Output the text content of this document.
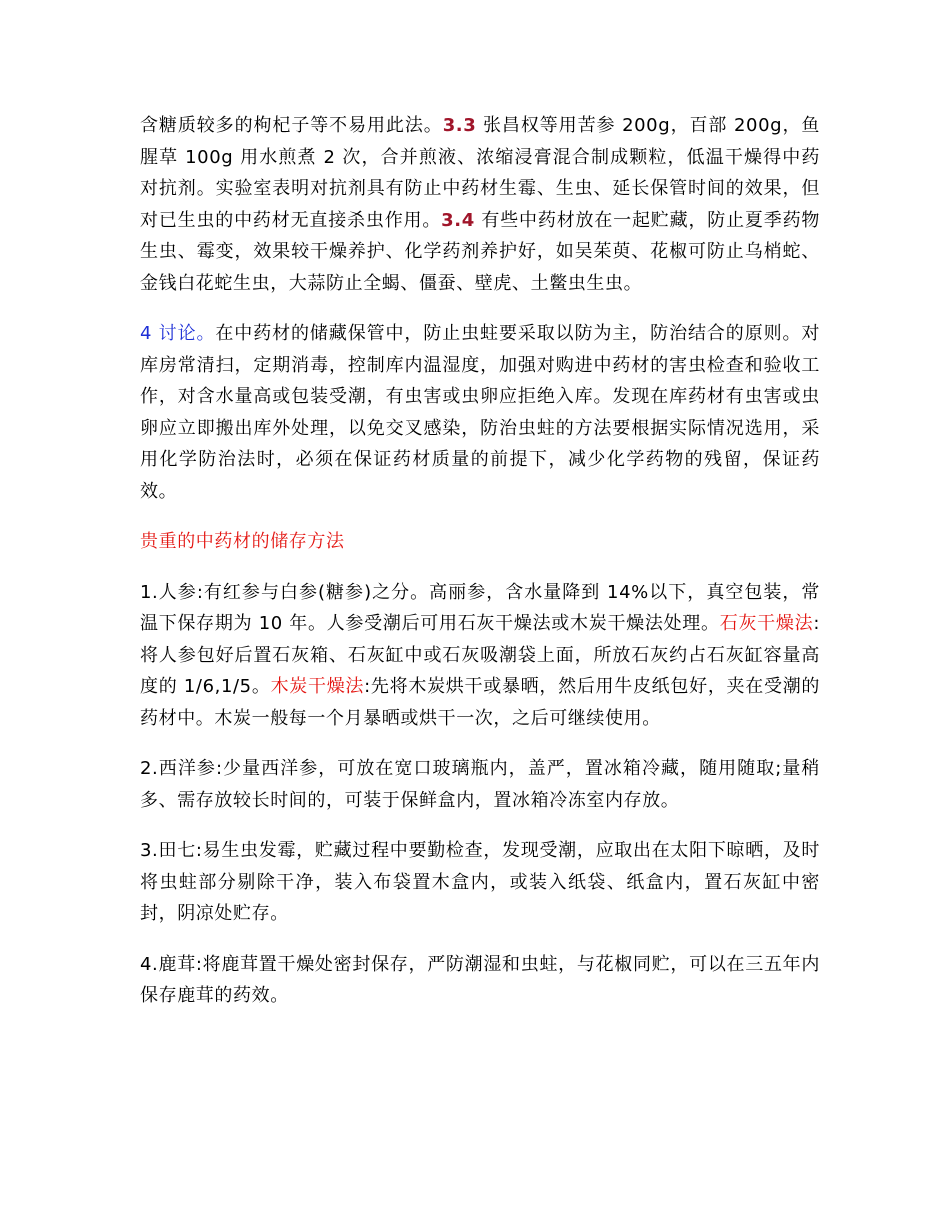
含糖质较多的枸杞子等不易用此法。3.3 张昌权等用苦参 200g，百部 200g，鱼腥草 100g 用水煎煮 2 次，合并煎液、浓缩浸膏混合制成颗粒，低温干燥得中药对抗剂。实验室表明对抗剂具有防止中药材生霉、生虫、延长保管时间的效果，但对已生虫的中药材无直接杀虫作用。3.4 有些中药材放在一起贮藏，防止夏季药物生虫、霉变，效果较干燥养护、化学药剂养护好，如吴茱萸、花椒可防止乌梢蛇、金钱白花蛇生虫，大蒜防止全蝎、僵蚕、壁虎、土鳖虫生虫。

4 讨论。在中药材的储藏保管中，防止虫蛀要采取以防为主，防治结合的原则。对库房常清扫，定期消毒，控制库内温湿度，加强对购进中药材的害虫检查和验收工作，对含水量高或包装受潮，有虫害或虫卵应拒绝入库。发现在库药材有虫害或虫卵应立即搬出库外处理，以免交叉感染，防治虫蛀的方法要根据实际情况选用，采用化学防治法时，必须在保证药材质量的前提下，减少化学药物的残留，保证药效。

贵重的中药材的储存方法

1.人参:有红参与白参(糖参)之分。高丽参，含水量降到 14%以下，真空包装，常温下保存期为 10 年。人参受潮后可用石灰干燥法或木炭干燥法处理。石灰干燥法:将人参包好后置石灰箱、石灰缸中或石灰吸潮袋上面，所放石灰约占石灰缸容量高度的 1/6,1/5。木炭干燥法:先将木炭烘干或暴晒，然后用牛皮纸包好，夹在受潮的药材中。木炭一般每一个月暴晒或烘干一次，之后可继续使用。

2.西洋参:少量西洋参，可放在宽口玻璃瓶内，盖严，置冰箱冷藏，随用随取;量稍多、需存放较长时间的，可装于保鲜盒内，置冰箱冷冻室内存放。

3.田七:易生虫发霉，贮藏过程中要勤检查，发现受潮，应取出在太阳下晾晒，及时将虫蛀部分剔除干净，装入布袋置木盒内，或装入纸袋、纸盒内，置石灰缸中密封，阴凉处贮存。

4.鹿茸:将鹿茸置干燥处密封保存，严防潮湿和虫蛀，与花椒同贮，可以在三五年内保存鹿茸的药效。
